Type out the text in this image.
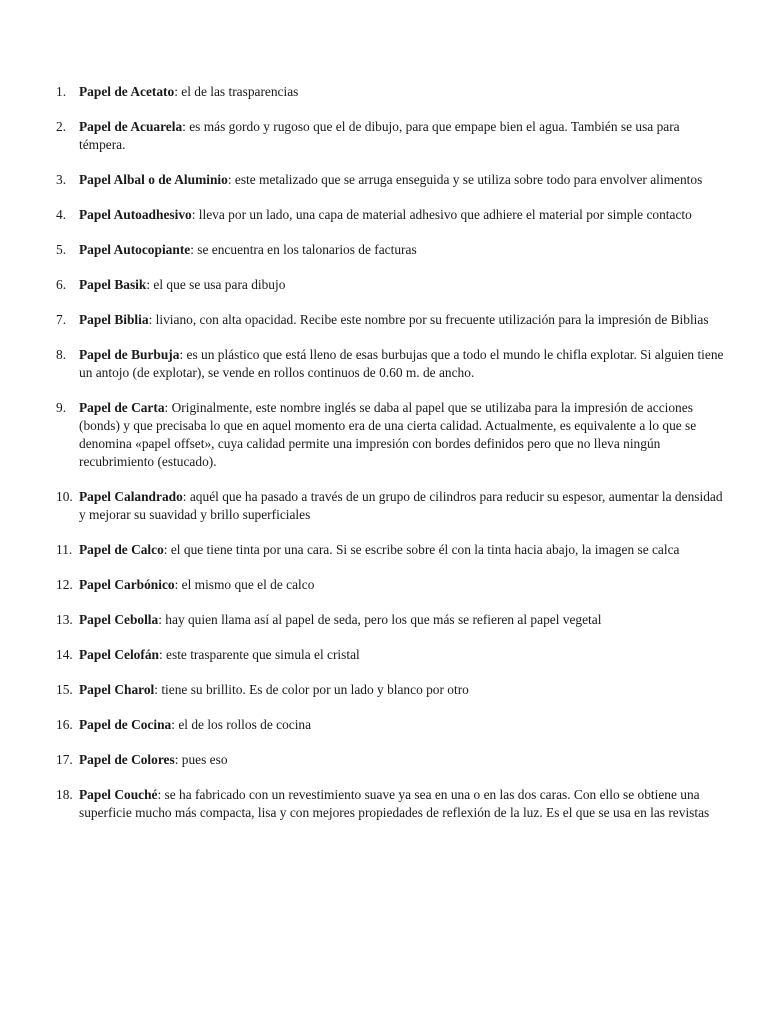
1. Papel de Acetato: el de las trasparencias
2. Papel de Acuarela: es más gordo y rugoso que el de dibujo, para que empape bien el agua. También se usa para témpera.
3. Papel Albal o de Aluminio: este metalizado que se arruga enseguida y se utiliza sobre todo para envolver alimentos
4. Papel Autoadhesivo: lleva por un lado, una capa de material adhesivo que adhiere el material por simple contacto
5. Papel Autocopiante: se encuentra en los talonarios de facturas
6. Papel Basik: el que se usa para dibujo
7. Papel Biblia: liviano, con alta opacidad. Recibe este nombre por su frecuente utilización para la impresión de Biblias
8. Papel de Burbuja: es un plástico que está lleno de esas burbujas que a todo el mundo le chifla explotar. Si alguien tiene un antojo (de explotar), se vende en rollos continuos de 0.60 m. de ancho.
9. Papel de Carta: Originalmente, este nombre inglés se daba al papel que se utilizaba para la impresión de acciones (bonds) y que precisaba lo que en aquel momento era de una cierta calidad. Actualmente, es equivalente a lo que se denomina «papel offset», cuya calidad permite una impresión con bordes definidos pero que no lleva ningún recubrimiento (estucado).
10. Papel Calandrado: aquél que ha pasado a través de un grupo de cilindros para reducir su espesor, aumentar la densidad y mejorar su suavidad y brillo superficiales
11. Papel de Calco: el que tiene tinta por una cara. Si se escribe sobre él con la tinta hacia abajo, la imagen se calca
12. Papel Carbónico: el mismo que el de calco
13. Papel Cebolla: hay quien llama así al papel de seda, pero los que más se refieren al papel vegetal
14. Papel Celofán: este trasparente que simula el cristal
15. Papel Charol: tiene su brillito. Es de color por un lado y blanco por otro
16. Papel de Cocina: el de los rollos de cocina
17. Papel de Colores: pues eso
18. Papel Couché: se ha fabricado con un revestimiento suave ya sea en una o en las dos caras. Con ello se obtiene una superficie mucho más compacta, lisa y con mejores propiedades de reflexión de la luz. Es el que se usa en las revistas
